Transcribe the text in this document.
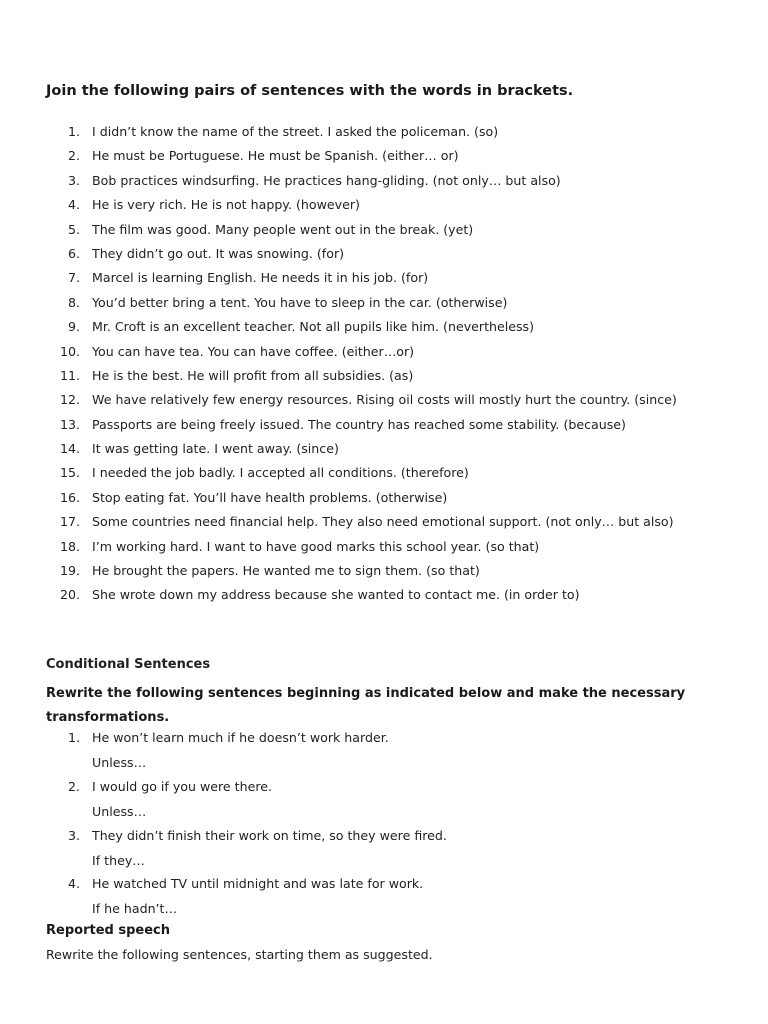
Join the following pairs of sentences with the words in brackets.
1. I didn’t know the name of the street. I asked the policeman. (so)
2. He must be Portuguese. He must be Spanish. (either… or)
3. Bob practices windsurfing. He practices hang-gliding. (not only… but also)
4. He is very rich. He is not happy. (however)
5. The film was good. Many people went out in the break. (yet)
6. They didn’t go out. It was snowing. (for)
7. Marcel is learning English. He needs it in his job. (for)
8. You’d better bring a tent. You have to sleep in the car. (otherwise)
9. Mr. Croft is an excellent teacher. Not all pupils like him. (nevertheless)
10. You can have tea. You can have coffee. (either…or)
11. He is the best. He will profit from all subsidies. (as)
12. We have relatively few energy resources. Rising oil costs will mostly hurt the country. (since)
13. Passports are being freely issued. The country has reached some stability. (because)
14. It was getting late. I went away. (since)
15. I needed the job badly. I accepted all conditions. (therefore)
16. Stop eating fat. You’ll have health problems. (otherwise)
17. Some countries need financial help. They also need emotional support. (not only… but also)
18. I’m working hard. I want to have good marks this school year. (so that)
19. He brought the papers. He wanted me to sign them. (so that)
20. She wrote down my address because she wanted to contact me. (in order to)
Conditional Sentences
Rewrite the following sentences beginning as indicated below and make the necessary transformations.
1. He won’t learn much if he doesn’t work harder.
Unless…
2. I would go if you were there.
Unless…
3. They didn’t finish their work on time, so they were fired.
If they…
4. He watched TV until midnight and was late for work.
If he hadn’t…
Reported speech
Rewrite the following sentences, starting them as suggested.
